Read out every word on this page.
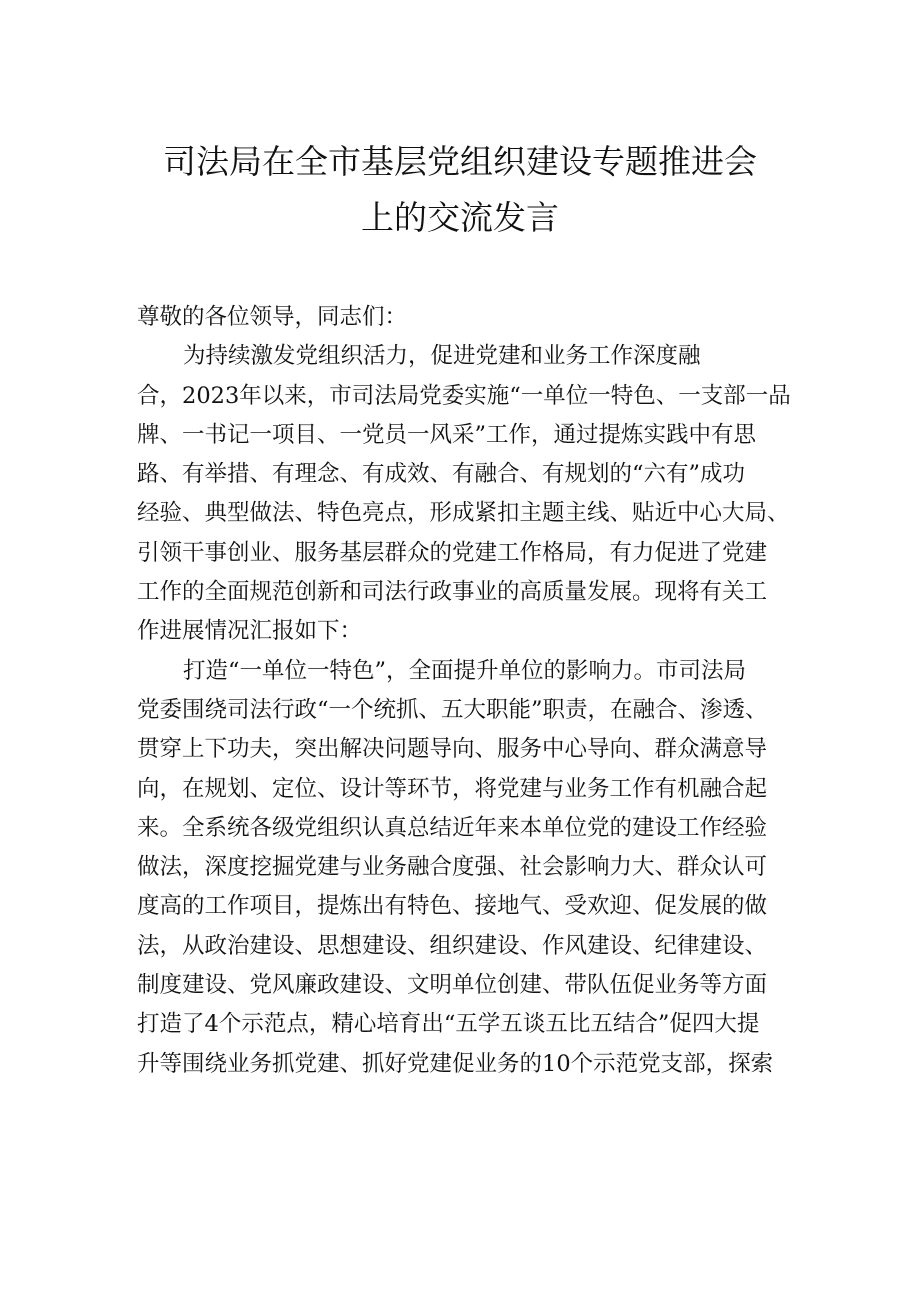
司法局在全市基层党组织建设专题推进会
上的交流发言
尊敬的各位领导，同志们：
为持续激发党组织活力，促进党建和业务工作深度融
合，2023年以来，市司法局党委实施“一单位一特色、一支部一品
牌、一书记一项目、一党员一风采”工作，通过提炼实践中有思
路、有举措、有理念、有成效、有融合、有规划的“六有”成功
经验、典型做法、特色亮点，形成紧扣主题主线、贴近中心大局、
引领干事创业、服务基层群众的党建工作格局，有力促进了党建
工作的全面规范创新和司法行政事业的高质量发展。现将有关工
作进展情况汇报如下：
打造“一单位一特色”，全面提升单位的影响力。市司法局
党委围绕司法行政“一个统抓、五大职能”职责，在融合、渗透、
贯穿上下功夫，突出解决问题导向、服务中心导向、群众满意导
向，在规划、定位、设计等环节，将党建与业务工作有机融合起
来。全系统各级党组织认真总结近年来本单位党的建设工作经验
做法，深度挖掘党建与业务融合度强、社会影响力大、群众认可
度高的工作项目，提炼出有特色、接地气、受欢迎、促发展的做
法，从政治建设、思想建设、组织建设、作风建设、纪律建设、
制度建设、党风廉政建设、文明单位创建、带队伍促业务等方面
打造了4个示范点，精心培育出“五学五谈五比五结合”促四大提
升等围绕业务抓党建、抓好党建促业务的10个示范党支部，探索
